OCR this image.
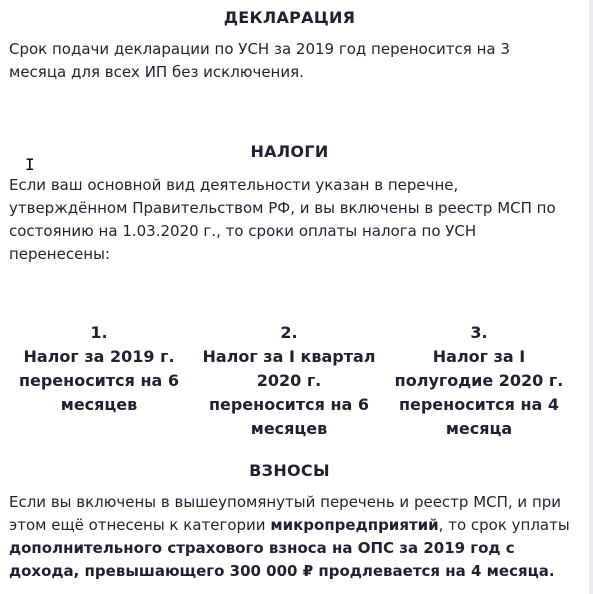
ДЕКЛАРАЦИЯ

Срок подачи декларации по УСН за 2019 год переносится на 3 месяца для всех ИП без исключения.

НАЛОГИ

Если ваш основной вид деятельности указан в перечне, утверждённом Правительством РФ, и вы включены в реестр МСП по состоянию на 1.03.2020 г., то сроки оплаты налога по УСН перенесены:

1.
Налог за 2019 г. переносится на 6 месяцев
2.
Налог за I квартал 2020 г. переносится на 6 месяцев
3.
Налог за I полугодие 2020 г. переносится на 4 месяца
ВЗНОСЫ

Если вы включены в вышеупомянутый перечень и реестр МСП, и при этом ещё отнесены к категории микропредприятий, то срок уплаты дополнительного страхового взноса на ОПС за 2019 год с дохода, превышающего 300 000 ₽ продлевается на 4 месяца.

I
